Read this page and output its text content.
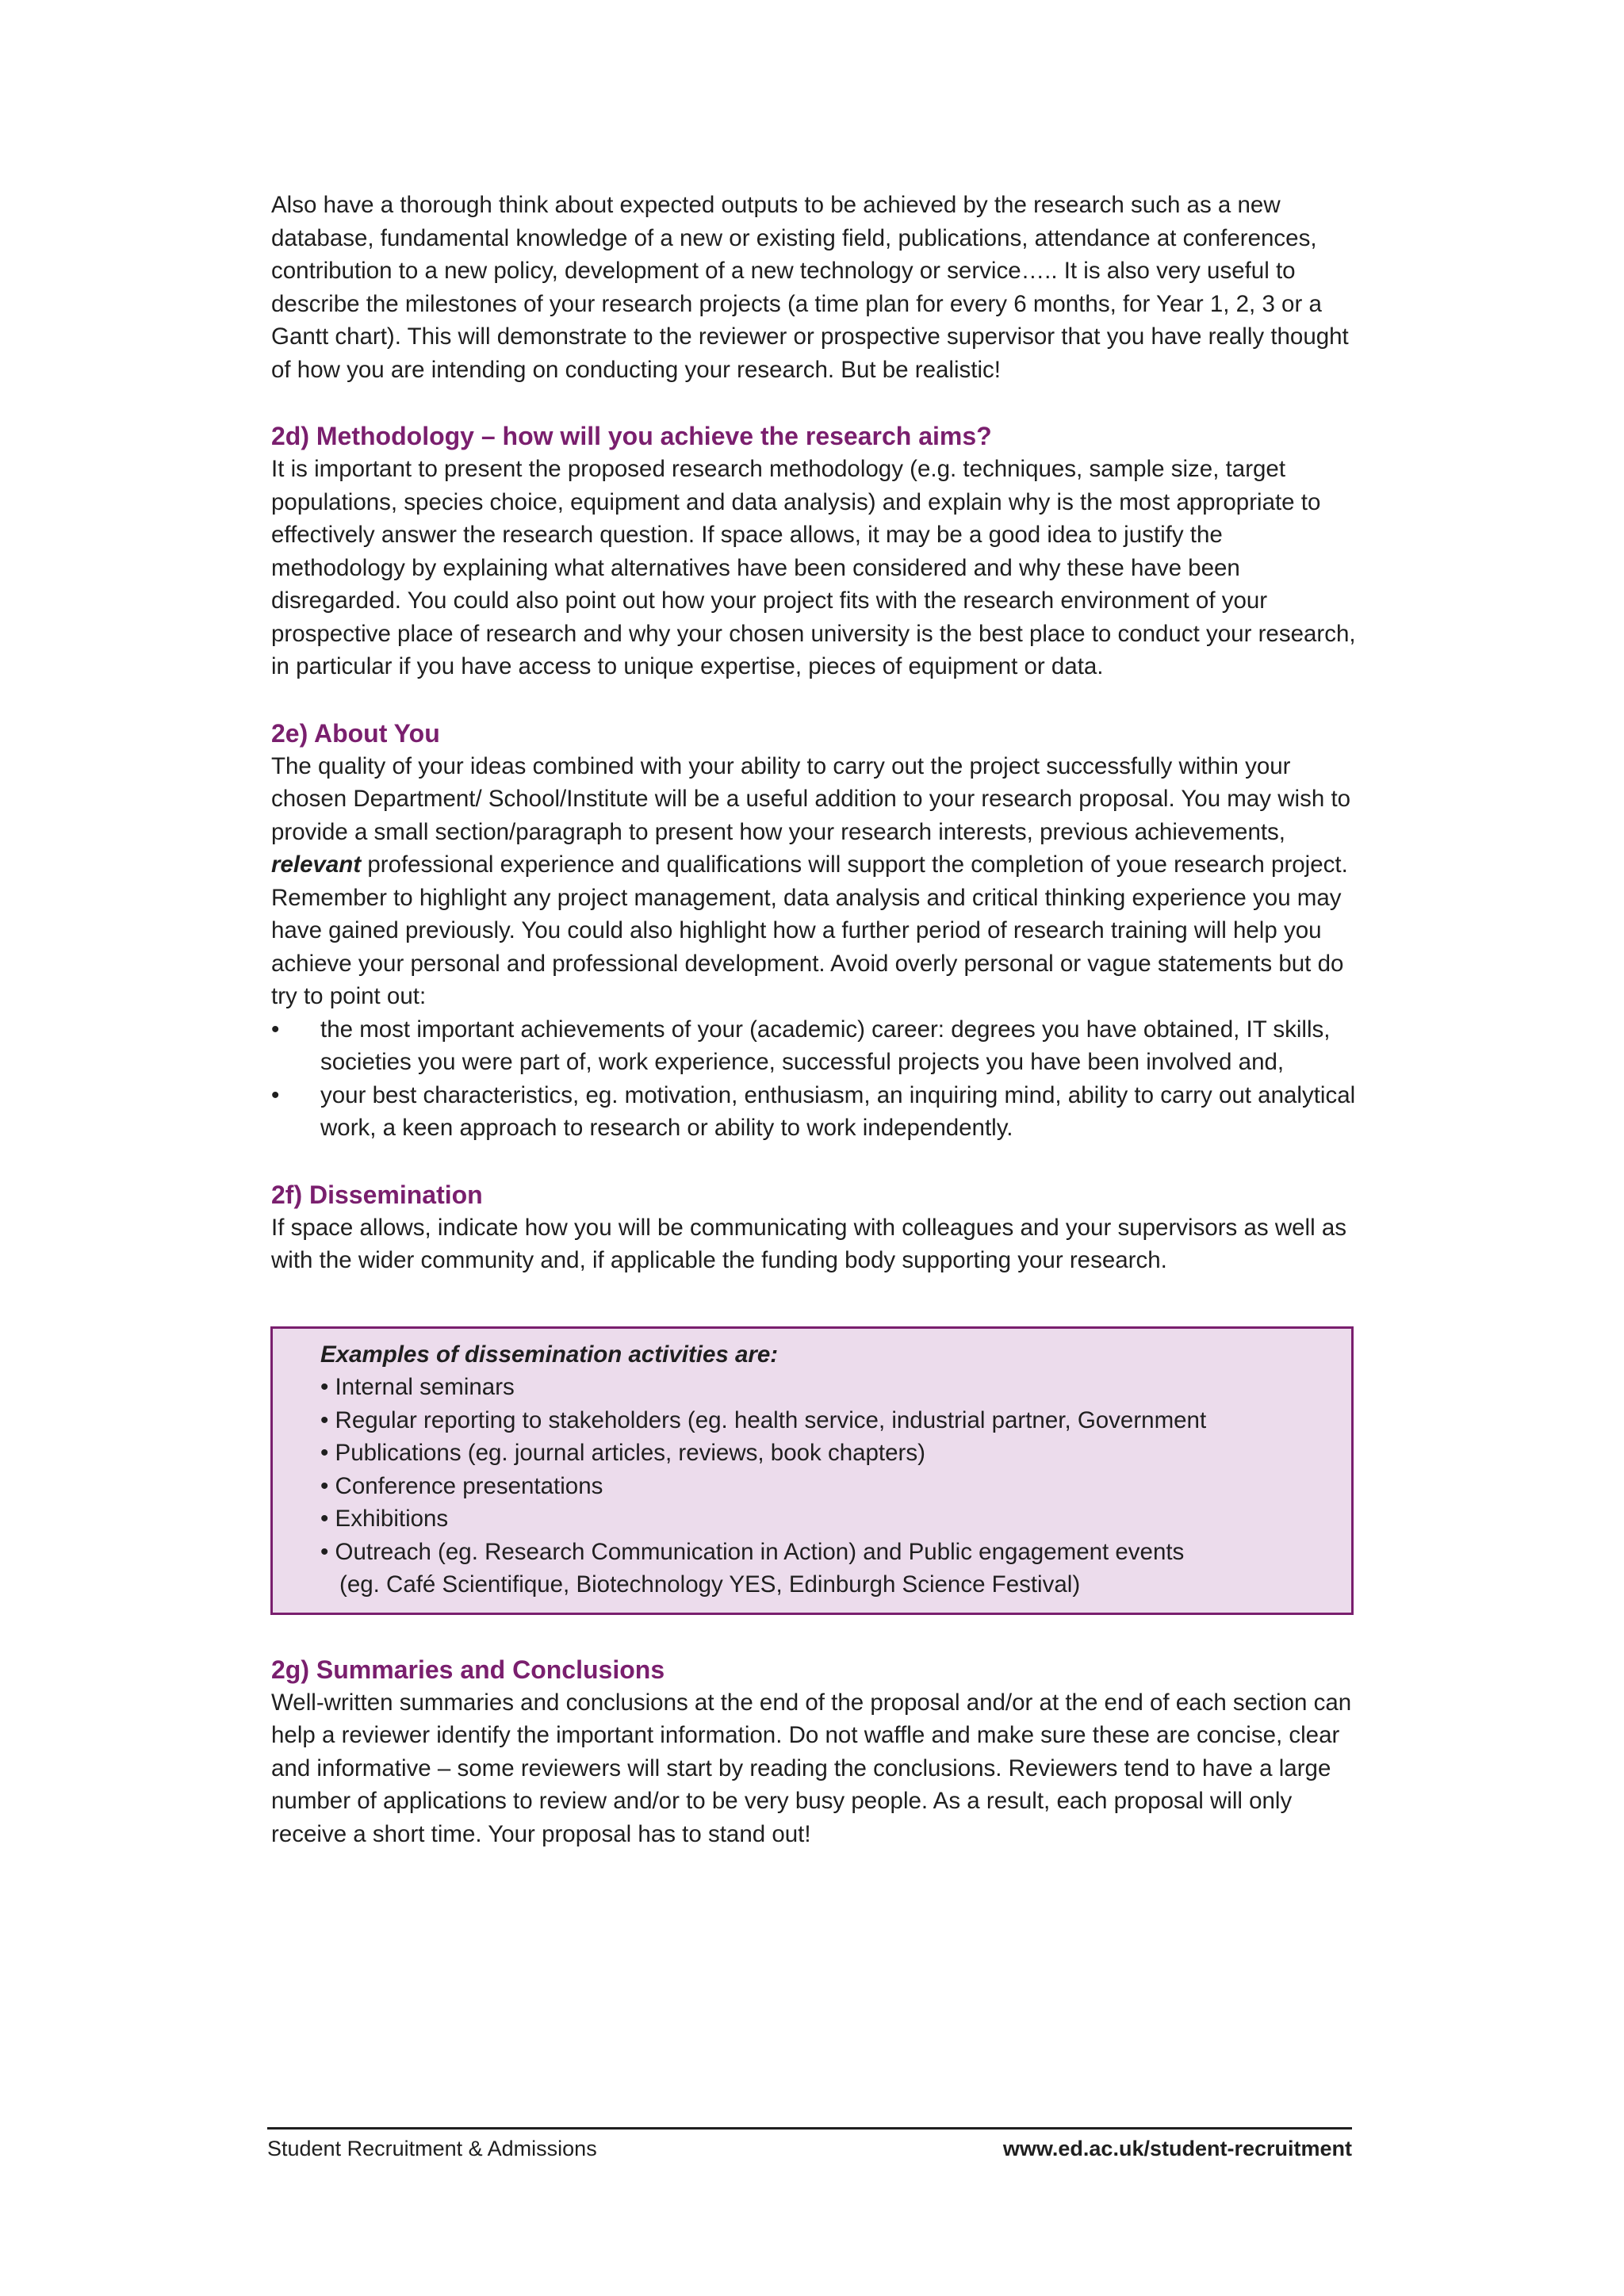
Also have a thorough think about expected outputs to be achieved by the research such as a new database, fundamental knowledge of a new or existing field, publications, attendance at conferences, contribution to a new policy, development of a new technology or service….. It is also very useful to describe the milestones of your research projects (a time plan for every 6 months, for Year 1, 2, 3 or a Gantt chart). This will demonstrate to the reviewer or prospective supervisor that you have really thought of how you are intending on conducting your research. But be realistic!

2d) Methodology – how will you achieve the research aims?

It is important to present the proposed research methodology (e.g. techniques, sample size, target populations, species choice, equipment and data analysis) and explain why is the most appropriate to effectively answer the research question. If space allows, it may be a good idea to justify the methodology by explaining what alternatives have been considered and why these have been disregarded. You could also point out how your project fits with the research environment of your prospective place of research and why your chosen university is the best place to conduct your research, in particular if you have access to unique expertise, pieces of equipment or data.

2e) About You

The quality of your ideas combined with your ability to carry out the project successfully within your chosen Department/ School/Institute will be a useful addition to your research proposal. You may wish to provide a small section/paragraph to present how your research interests, previous achievements, relevant professional experience and qualifications will support the completion of youe research project. Remember to highlight any project management, data analysis and critical thinking experience you may have gained previously. You could also highlight how a further period of research training will help you achieve your personal and professional development. Avoid overly personal or vague statements but do try to point out:

• the most important achievements of your (academic) career: degrees you have obtained, IT skills, societies you were part of, work experience, successful projects you have been involved and,
• your best characteristics, eg. motivation, enthusiasm, an inquiring mind, ability to carry out analytical work, a keen approach to research or ability to work independently.
2f) Dissemination

If space allows, indicate how you will be communicating with colleagues and your supervisors as well as with the wider community and, if applicable the funding body supporting your research.

Examples of dissemination activities are:

• Internal seminars
• Regular reporting to stakeholders (eg. health service, industrial partner, Government
• Publications (eg. journal articles, reviews, book chapters)
• Conference presentations
• Exhibitions
• Outreach (eg. Research Communication in Action) and Public engagement events
(eg. Café Scientifique, Biotechnology YES, Edinburgh Science Festival)
2g) Summaries and Conclusions

Well-written summaries and conclusions at the end of the proposal and/or at the end of each section can help a reviewer identify the important information. Do not waffle and make sure these are concise, clear and informative – some reviewers will start by reading the conclusions. Reviewers tend to have a large number of applications to review and/or to be very busy people. As a result, each proposal will only receive a short time. Your proposal has to stand out!

Student Recruitment & Admissions	www.ed.ac.uk/student-recruitment
